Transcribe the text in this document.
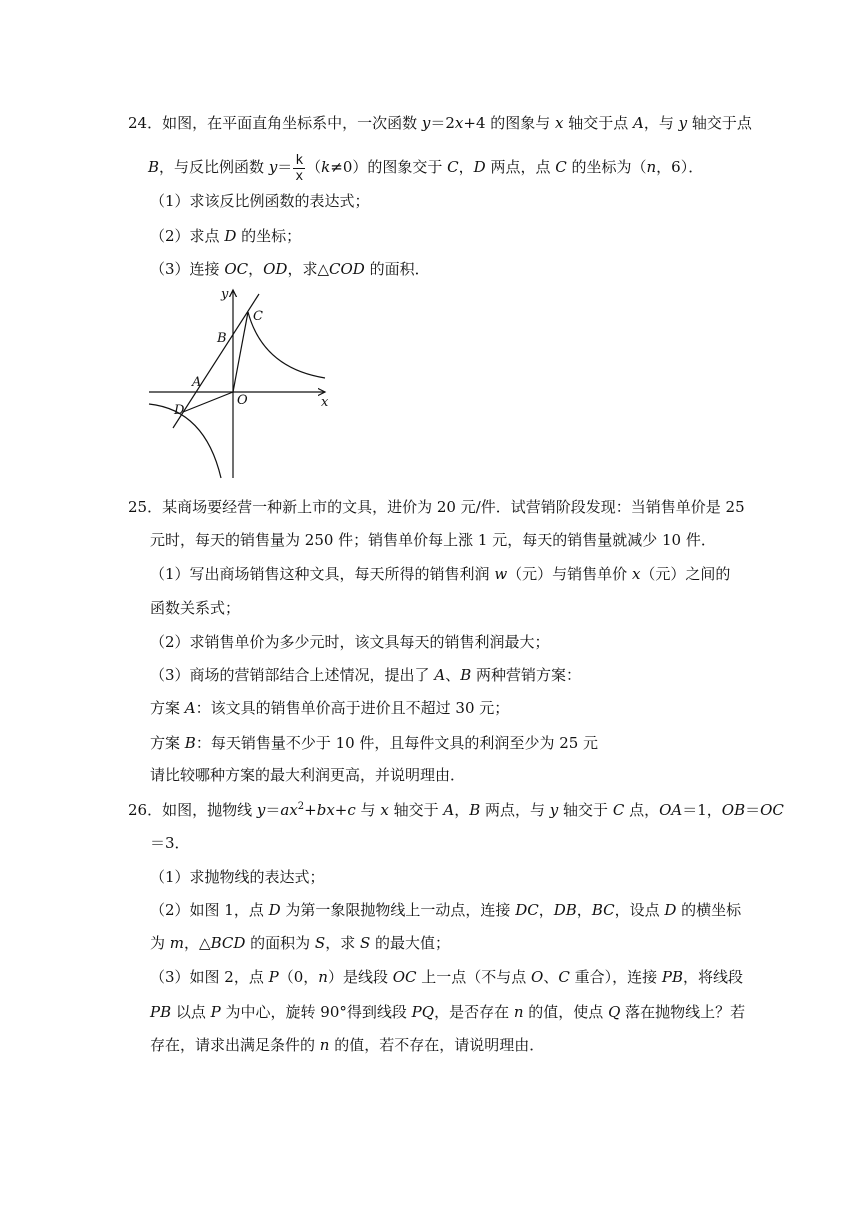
24．如图，在平面直角坐标系中，一次函数 y＝2x+4 的图象与 x 轴交于点 A，与 y 轴交于点
B，与反比例函数 $y= \frac{k}{x} (k\ne 0)$的图象交于 C，D 两点，点 C 的坐标为（n，6）．
（1）求该反比例函数的表达式；
（2）求点 D 的坐标；
（3）连接 OC，OD，求△COD 的面积．
y
x
B
C
A
O
D
25．某商场要经营一种新上市的文具，进价为 20 元/件．试营销阶段发现：当销售单价是 25
元时，每天的销售量为 250 件；销售单价每上涨 1 元，每天的销售量就减少 10 件．
（1）写出商场销售这种文具，每天所得的销售利润 w（元）与销售单价 x（元）之间的
函数关系式；
（2）求销售单价为多少元时，该文具每天的销售利润最大；
（3）商场的营销部结合上述情况，提出了 A、B 两种营销方案：
方案 A：该文具的销售单价高于进价且不超过 30 元；
方案 B：每天销售量不少于 10 件，且每件文具的利润至少为 25 元
请比较哪种方案的最大利润更高，并说明理由．
26．如图，抛物线 $y=ax^2+bx+c$ 与 x 轴交于 A，B 两点，与 y 轴交于 C 点，OA＝1，OB＝OC
＝3．
（1）求抛物线的表达式；
（2）如图 1，点 D 为第一象限抛物线上一动点，连接 DC，DB，BC，设点 D 的横坐标
为 m，△BCD 的面积为 S，求 S 的最大值；
（3）如图 2，点 P（0，n）是线段 OC 上一点（不与点 O、C 重合），连接 PB，将线段
PB 以点 P 为中心，旋转 90°得到线段 PQ，是否存在 n 的值，使点 Q 落在抛物线上？若
存在，请求出满足条件的 n 的值，若不存在，请说明理由．
